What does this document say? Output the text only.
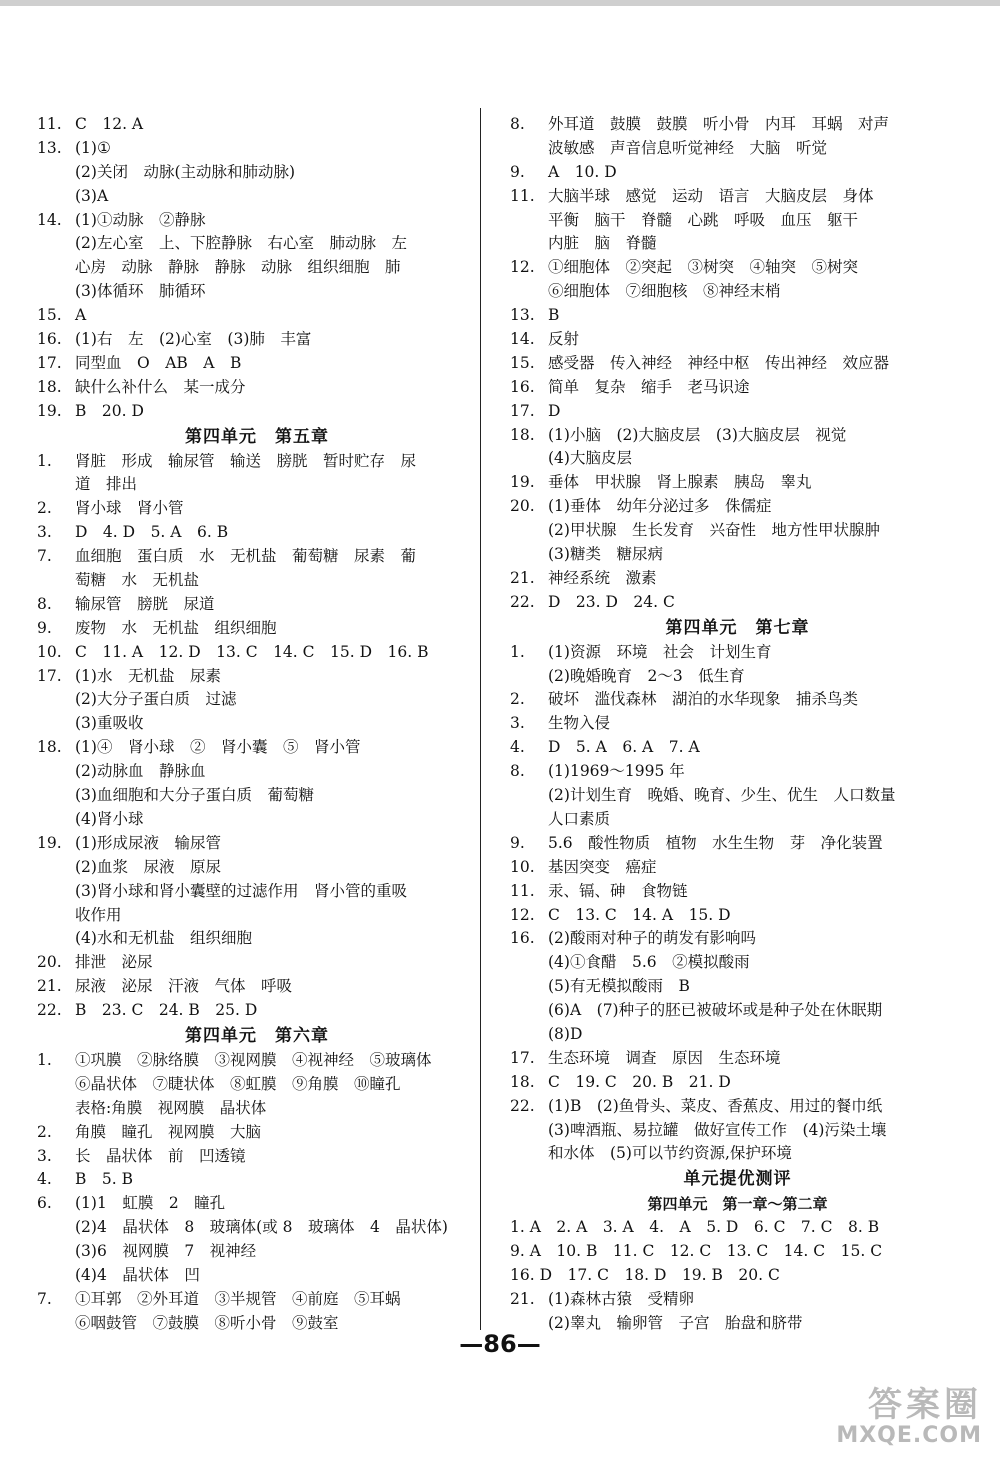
11. C　12. A
13. (1)①
(2)关闭　动脉(主动脉和肺动脉)
(3)A
14. (1)①动脉　②静脉
(2)左心室　上、下腔静脉　右心室　肺动脉　左
心房　动脉　静脉　静脉　动脉　组织细胞　肺
(3)体循环　肺循环
15. A
16. (1)右　左　(2)心室　(3)肺　丰富
17. 同型血　O　AB　A　B
18. 缺什么补什么　某一成分
19. B　20. D
第四单元　第五章
1. 肾脏　形成　输尿管　输送　膀胱　暂时贮存　尿
道　排出
2. 肾小球　肾小管
3. D　4. D　5. A　6. B
7. 血细胞　蛋白质　水　无机盐　葡萄糖　尿素　葡
萄糖　水　无机盐
8. 输尿管　膀胱　尿道
9. 废物　水　无机盐　组织细胞
10. C　11. A　12. D　13. C　14. C　15. D　16. B
17. (1)水　无机盐　尿素
(2)大分子蛋白质　过滤
(3)重吸收
18. (1)④　肾小球　②　肾小囊　⑤　肾小管
(2)动脉血　静脉血
(3)血细胞和大分子蛋白质　葡萄糖
(4)肾小球
19. (1)形成尿液　输尿管
(2)血浆　尿液　原尿
(3)肾小球和肾小囊壁的过滤作用　肾小管的重吸
收作用
(4)水和无机盐　组织细胞
20. 排泄　泌尿
21. 尿液　泌尿　汗液　气体　呼吸
22. B　23. C　24. B　25. D
第四单元　第六章
1. ①巩膜　②脉络膜　③视网膜　④视神经　⑤玻璃体
⑥晶状体　⑦睫状体　⑧虹膜　⑨角膜　⑩瞳孔
表格:角膜　视网膜　晶状体
2. 角膜　瞳孔　视网膜　大脑
3. 长　晶状体　前　凹透镜
4. B　5. B
6. (1)1　虹膜　2　瞳孔
(2)4　晶状体　8　玻璃体(或 8　玻璃体　4　晶状体)
(3)6　视网膜　7　视神经
(4)4　晶状体　凹
7. ①耳郭　②外耳道　③半规管　④前庭　⑤耳蜗
⑥咽鼓管　⑦鼓膜　⑧听小骨　⑨鼓室
8. 外耳道　鼓膜　鼓膜　听小骨　内耳　耳蜗　对声
波敏感　声音信息听觉神经　大脑　听觉
9. A　10. D
11. 大脑半球　感觉　运动　语言　大脑皮层　身体
平衡　脑干　脊髓　心跳　呼吸　血压　躯干
内脏　脑　脊髓
12. ①细胞体　②突起　③树突　④轴突　⑤树突
⑥细胞体　⑦细胞核　⑧神经末梢
13. B
14. 反射
15. 感受器　传入神经　神经中枢　传出神经　效应器
16. 简单　复杂　缩手　老马识途
17. D
18. (1)小脑　(2)大脑皮层　(3)大脑皮层　视觉
(4)大脑皮层
19. 垂体　甲状腺　肾上腺素　胰岛　睾丸
20. (1)垂体　幼年分泌过多　侏儒症
(2)甲状腺　生长发育　兴奋性　地方性甲状腺肿
(3)糖类　糖尿病
21. 神经系统　激素
22. D　23. D　24. C
第四单元　第七章
1. (1)资源　环境　社会　计划生育
(2)晚婚晚育　2～3　低生育
2. 破坏　滥伐森林　湖泊的水华现象　捕杀鸟类
3. 生物入侵
4. D　5. A　6. A　7. A
8. (1)1969～1995 年
(2)计划生育　晚婚、晚育、少生、优生　人口数量
人口素质
9. 5.6　酸性物质　植物　水生生物　芽　净化装置
10. 基因突变　癌症
11. 汞、镉、砷　食物链
12. C　13. C　14. A　15. D
16. (2)酸雨对种子的萌发有影响吗
(4)①食醋　5.6　②模拟酸雨
(5)有无模拟酸雨　B
(6)A　(7)种子的胚已被破坏或是种子处在休眠期
(8)D
17. 生态环境　调查　原因　生态环境
18. C　19. C　20. B　21. D
22. (1)B　(2)鱼骨头、菜皮、香蕉皮、用过的餐巾纸
(3)啤酒瓶、易拉罐　做好宣传工作　(4)污染土壤
和水体　(5)可以节约资源,保护环境
单元提优测评
第四单元　第一章～第二章
1. A　2. A　3. A　4.　A　5. D　6. C　7. C　8. B
9. A　10. B　11. C　12. C　13. C　14. C　15. C
16. D　17. C　18. D　19. B　20. C
21. (1)森林古猿　受精卵
(2)睾丸　输卵管　子宫　胎盘和脐带
—86—
答案圈
MXQE.COM
